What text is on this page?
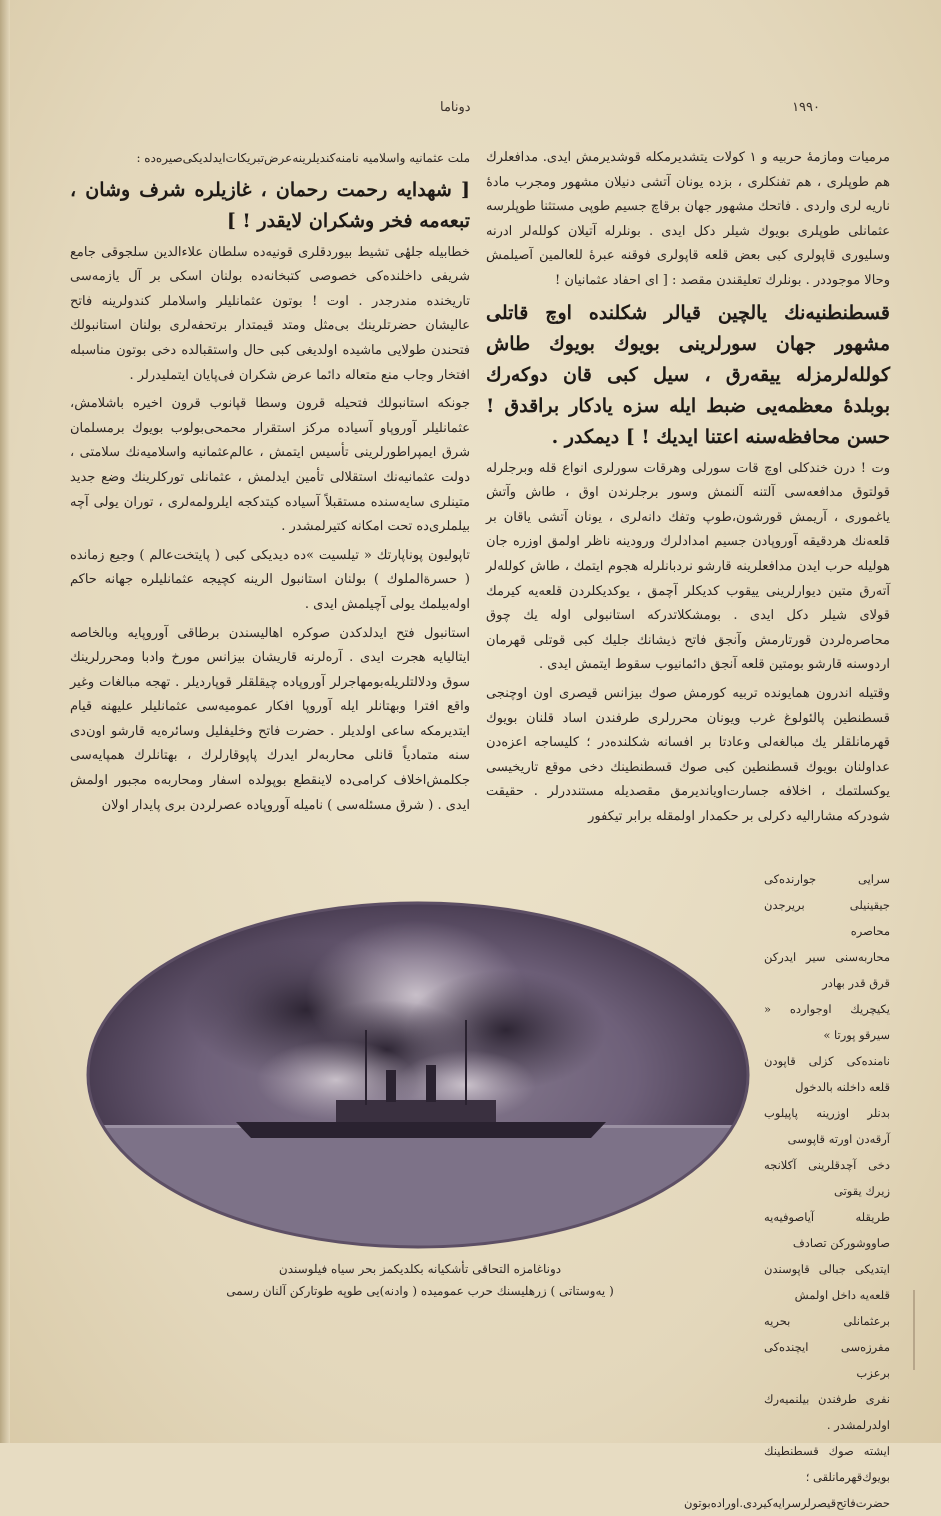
دوناما	١٩٩٠

مرمیات ومازمهٔ حربیه و ۱ کولات یتشدیرمکله قوشدیرمش ایدی. مدافعلرك هم طوپلری ، هم تفنکلری ، بزده یونان آتشی دنیلان مشهور ومجرب مادهٔ ناریه لری واردی . فاتحك مشهور جهان برقاچ جسیم طوپی مستثنا طوپلرسه عثمانلی طوپلری بویوك شیلر دکل ایدی . بونلرله آتیلان کولله‌لر ادرنه وسلیوری قاپولری کبی بعض قلعه قاپولری فوقنه عبرهٔ للعالمین آصیلمش وحالا موجوددر . بونلرك تعلیقندن مقصد : [ ای احفاد عثمانیان !

قسطنطنیه‌نك یالچین قیالر شکلنده اوچ قاتلی مشهور جهان سورلرینی بویوك بویوك طاش کولله‌لرمزله ییقه‌رق ، سیل کبی قان دوکه‌رك بوبلدهٔ معظمه‌یی ضبط ایله‌ سزه یادکار براقدق ! حسن محافظه‌سنه اعتنا ایدیك ! ] دیمکدر .

وت ! درن خندکلی اوچ قات سورلی وهرقات سورلری انواع قله وبرجلرله قولتوق مدافعه‌سی آلتنه آلنمش وسور برجلرندن اوق ، طاش وآتش یاغموری ، آریمش قورشون،طوپ وتفك دانه‌لری ، یونان آتشی یاقان بر قلعه‌نك هردقیقه آوروپادن جسیم امدادلرك ورودینه ناظر اولمق اوزره جان هولیله حرب ایدن مدافعلرینه قارشو نردبانلرله هجوم ایتمك ، طاش کولله‌لر آتەرق متین دیوارلرینی ییقوب کدیکلر آچمق ، یوکدیکلردن قلعه‌یه کیرمك قولای شیلر دکل ایدی . بومشکلاتدرکه استانبولی اوله یك چوق محاصره‌لردن قورتارمش وآنجق فاتح ذیشانك جلیك کبی قوتلی قهرمان اردوسنه قارشو بومتین قلعه آنجق دائمانیوب سقوط ایتمش ایدی .

وقتیله اندرون همایونده تربیه کورمش صوك بیزانس قیصری اون اوچنجی قسطنطین پالئولوغ غرب ویونان محررلری طرفندن اساد قلنان بویوك قهرمانلقلر یك مبالغه‌لی وعادتا بر افسانه شکلنده‌در ؛ کلیساجه اعزه‌دن عداولنان بویوك قسطنطین کبی صوك قسطنطینك دخی موقع تاریخیسی یوکسلتمك ، اخلافه جسارت‌اویاندیرمق مقصدیله مستنددرلر . حقیقت شودرکه مشارالیه دکرلی بر حکمدار اولمقله برابر تیکفور

سرایی جوارنده‌کی جیقینیلی بریرجدن محاصره
محاربه‌سنی سیر ایدرکن قرق قدر بهادر
یکیچریك اوجوارده « سیرقو پورتا »
نامنده‌کی کزلی قاپودن قلعه داخلنه بالدخول
بدنلر اوزرینه پاپیلوب آرقه‌دن اورته قاپوسی
دخی آچدقلرینی آکلانجه زیرك یقوتی
طریقله آیاصوفیه‌یه صاووشورکن تصادف
ایتدیکی جبالی قاپوسندن قلعه‌یه داخل اولمش
برعثمانلی بحریه مفرزه‌سی ایچنده‌کی برعزب
نفری طرفندن بیلنمیه‌رك اولدرلمشدر .
ایشته صوك قسطنطینك بویوك‌قهرمانلقی ؛
حضرت‌فاتح‌قیصرلرسرایه‌کیردی.اوراده‌بوتون

ملت عثمانیه واسلامیه نامنه‌کندیلرینه‌عرض‌تبریکات‌ایدلدیکی‌صیره‌ده :

[ شهدایه رحمت رحمان ، غازیلره شرف وشان ، تبعه‌مه فخر وشکران لایقدر ! ]

خطابیله جلهٔی تشیط بیوردقلری قونیه‌ده سلطان علاءالدین سلجوقی جامع شریفی داخلنده‌کی خصوصی کتبخانه‌ده بولنان اسکی بر آل یازمه‌سی تاریخنده مندرجدر . اوت ! بوتون عثمانلیلر واسلاملر کندولرینه فاتح عالیشان حضرتلرینك بی‌مثل ومتد قیمتدار برتحفه‌لری بولنان استانبولك فتحندن طولایی ماشیده اولدیغی کبی حال واستقبالده دخی بوتون مناسبله افتخار وجاب منع متعاله دائما عرض شکران فی‌پایان ایتملیدرلر .

جونکه استانبولك فتحیله قرون وسطا قپانوب قرون اخیره باشلامش، عثمانلیلر آوروپاو آسیاده مرکز استقرار محمحی‌بولوب بویوك برمسلمان شرق ایمپراطورلرینی تأسیس ایتمش ، عالم‌عثمانیه واسلامیه‌نك سلامتی ، دولت عثمانیه‌نك استقلالی تأمین ایدلمش ، عثمانلی تورکلرینك وضع جدید متینلری سایه‌سنده مستقبلاً آسیاده کیتدکجه ایلرولمه‌لری ، توران یولی آچه بیلملری‌ده تحت امکانه کتیرلمشدر .

تاپولیون پوناپارتك « تیلسیت »ده دیدیکی کبی ( پایتخت‌عالم ) وجیع زمانده ( حسرةالملوك ) بولنان استانبول الرینه کچیجه عثمانلیلره جهانه حاکم اوله‌بیلمك یولی آچیلمش ایدی .

استانبول فتح ایدلدکدن صوکره اهالیسندن برطاقی آوروپایه وبالخاصه ایتالیایه هجرت ایدی . آرەلرنه قاریشان بیزانس مورخ وادبا ومحررلرینك سوق ودلالتلریله‌بومهاجرلر آوروپاده چیقلقلر قوپاردیلر . تهجه مبالغات وغیر واقع افترا وبهتانلر ایله آوروپا افکار عمومیه‌سی عثمانلیلر علیهنه قیام ایتدیرمکه ساعی اولدیلر . حضرت فاتح وخلیفلیل وسائره‌یه قارشو اون‌دی سنه متمادیاً قانلی محاربه‌لر ایدرك پاپوقارلرك ، بهتانلرك همپایه‌سی جکلمش‌اخلاف کرامی‌ده لاینقطع بوپولده اسفار ومحاربه‌ه مجبور اولمش ایدی . ( شرق مسئله‌سی ) نامیله آوروپاده عصرلردن بری پایدار اولان

دوناغامزه التحاقی تأشکیانه بکلدیکمز بحر سیاه فیلوسندن
( یه‌وستاتی ) زرهلیسنك حرب عمومیده ( وادنه‌)یی طوپه طوتارکن آلنان رسمی
